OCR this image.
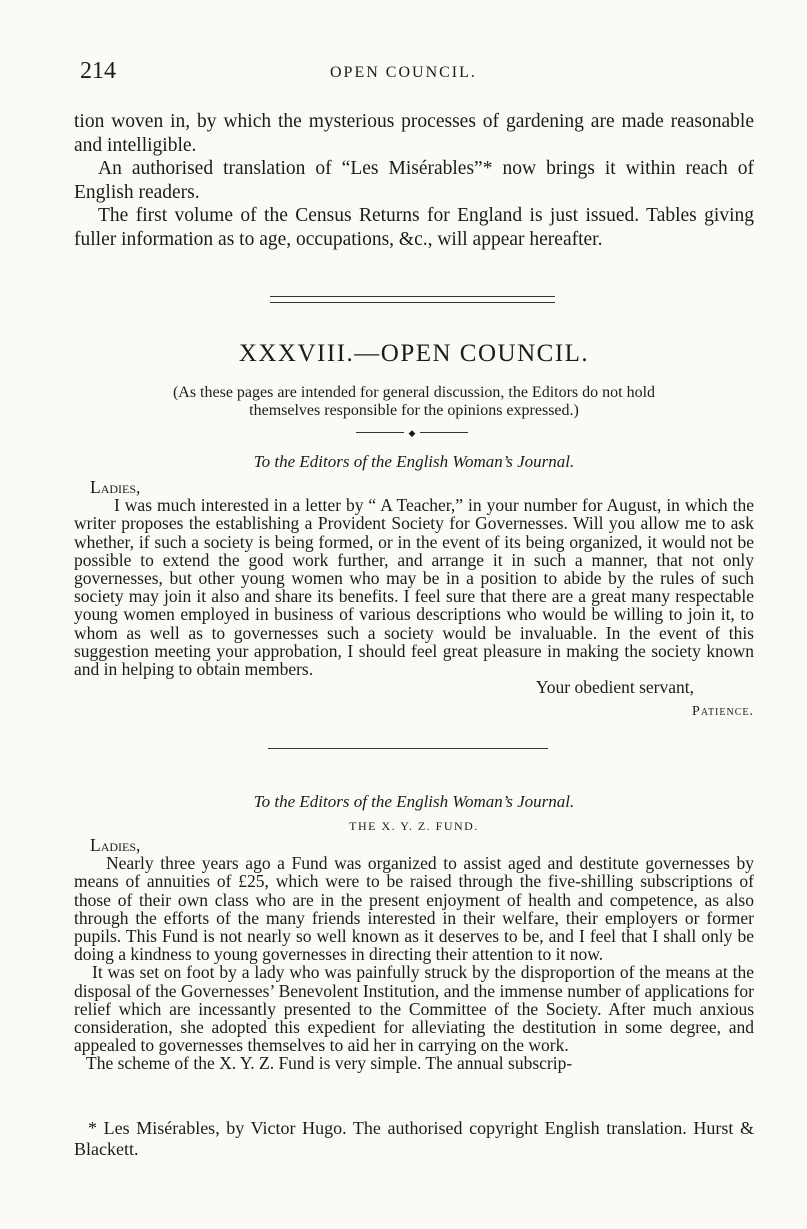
214	OPEN COUNCIL.

tion woven in, by which the mysterious processes of gardening are made reasonable and intelligible.

An authorised translation of “Les Misérables”* now brings it within reach of English readers.

The first volume of the Census Returns for England is just issued. Tables giving fuller information as to age, occupations, &c., will appear hereafter.

XXXVIII.—OPEN COUNCIL.
(As these pages are intended for general discussion, the Editors do not hold
themselves responsible for the opinions expressed.)
◆
To the Editors of the English Woman’s Journal.

Ladies,

I was much interested in a letter by “ A Teacher,” in your number for August, in which the writer proposes the establishing a Provident Society for Governesses. Will you allow me to ask whether, if such a society is being formed, or in the event of its being organized, it would not be possible to extend the good work further, and arrange it in such a manner, that not only governesses, but other young women who may be in a position to abide by the rules of such society may join it also and share its benefits. I feel sure that there are a great many respectable young women employed in business of various descriptions who would be willing to join it, to whom as well as to governesses such a society would be invaluable. In the event of this suggestion meeting your approbation, I should feel great pleasure in making the society known and in helping to obtain members.

Your obedient servant,

Patience.
To the Editors of the English Woman’s Journal.
THE X. Y. Z. FUND.

Ladies,

Nearly three years ago a Fund was organized to assist aged and destitute governesses by means of annuities of £25, which were to be raised through the five-shilling subscriptions of those of their own class who are in the present enjoyment of health and competence, as also through the efforts of the many friends interested in their welfare, their employers or former pupils. This Fund is not nearly so well known as it deserves to be, and I feel that I shall only be doing a kindness to young governesses in directing their attention to it now.

It was set on foot by a lady who was painfully struck by the disproportion of the means at the disposal of the Governesses’ Benevolent Institution, and the immense number of applications for relief which are incessantly presented to the Committee of the Society. After much anxious consideration, she adopted this expedient for alleviating the destitution in some degree, and appealed to governesses themselves to aid her in carrying on the work.

The scheme of the X. Y. Z. Fund is very simple. The annual subscrip-

* Les Misérables, by Victor Hugo. The authorised copyright English translation. Hurst & Blackett.
